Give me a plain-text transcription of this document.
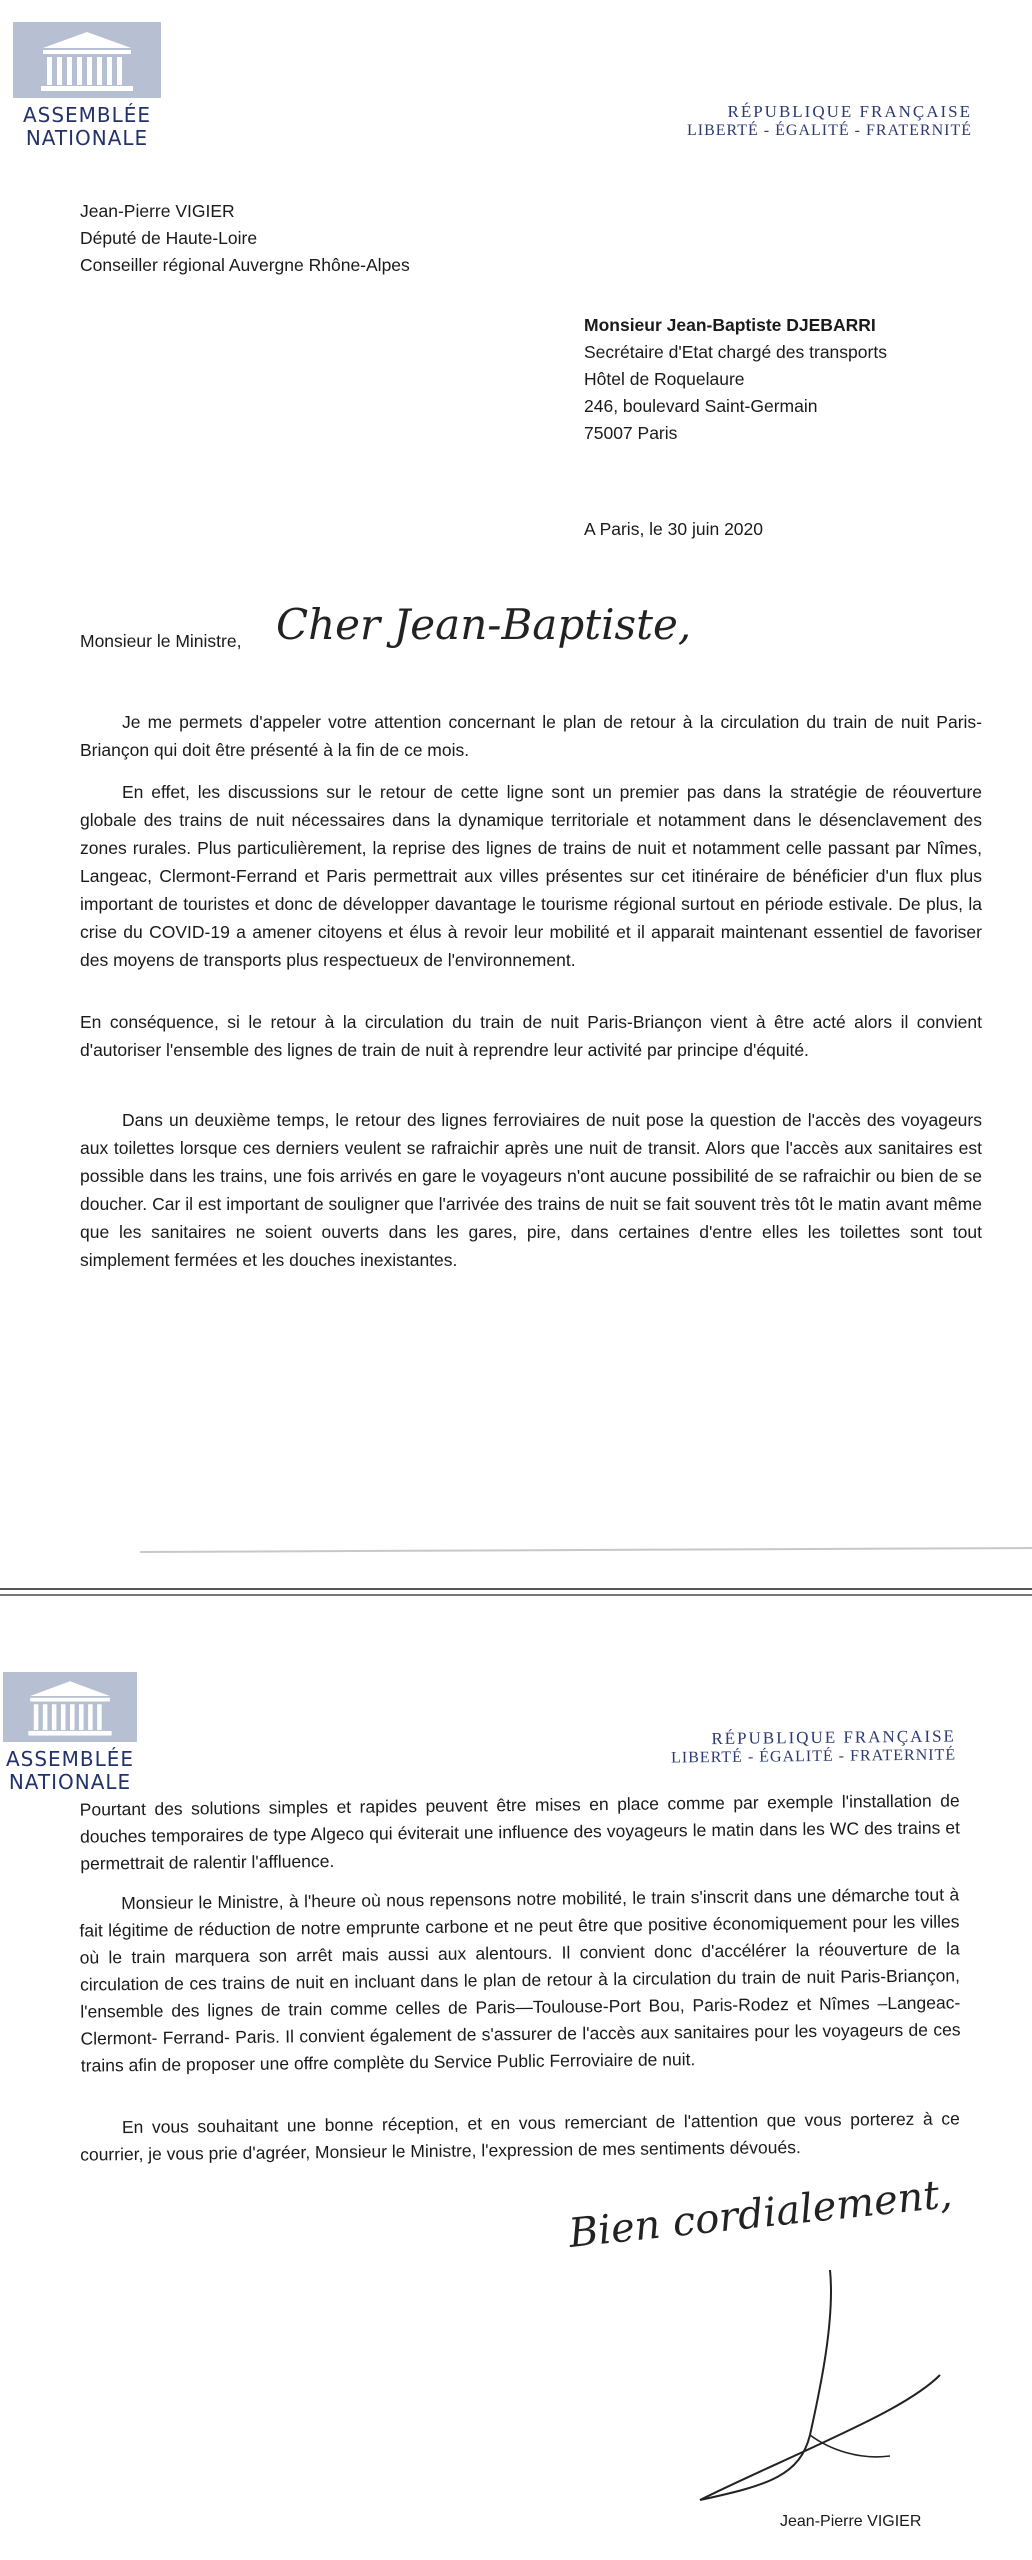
ASSEMBLÉE
NATIONALE
RÉPUBLIQUE FRANÇAISE
LIBERTÉ - ÉGALITÉ - FRATERNITÉ
Jean-Pierre VIGIER
Député de Haute-Loire
Conseiller régional Auvergne Rhône-Alpes
Monsieur Jean-Baptiste DJEBARRI
Secrétaire d'Etat chargé des transports
Hôtel de Roquelaure
246, boulevard Saint-Germain
75007 Paris
A Paris, le 30 juin 2020
Monsieur le Ministre, Cher Jean-Baptiste,
Je me permets d'appeler votre attention concernant le plan de retour à la circulation du train de nuit Paris-Briançon qui doit être présenté à la fin de ce mois.
En effet, les discussions sur le retour de cette ligne sont un premier pas dans la stratégie de réouverture globale des trains de nuit nécessaires dans la dynamique territoriale et notamment dans le désenclavement des zones rurales. Plus particulièrement, la reprise des lignes de trains de nuit et notamment celle passant par Nîmes, Langeac, Clermont-Ferrand et Paris permettrait aux villes présentes sur cet itinéraire de bénéficier d'un flux plus important de touristes et donc de développer davantage le tourisme régional surtout en période estivale. De plus, la crise du COVID-19 a amener citoyens et élus à revoir leur mobilité et il apparait maintenant essentiel de favoriser des moyens de transports plus respectueux de l'environnement.
En conséquence, si le retour à la circulation du train de nuit Paris-Briançon vient à être acté alors il convient d'autoriser l'ensemble des lignes de train de nuit à reprendre leur activité par principe d'équité.
Dans un deuxième temps, le retour des lignes ferroviaires de nuit pose la question de l'accès des voyageurs aux toilettes lorsque ces derniers veulent se rafraichir après une nuit de transit. Alors que l'accès aux sanitaires est possible dans les trains, une fois arrivés en gare le voyageurs n'ont aucune possibilité de se rafraichir ou bien de se doucher. Car il est important de souligner que l'arrivée des trains de nuit se fait souvent très tôt le matin avant même que les sanitaires ne soient ouverts dans les gares, pire, dans certaines d'entre elles les toilettes sont tout simplement fermées et les douches inexistantes.
ASSEMBLÉE
NATIONALE
RÉPUBLIQUE FRANÇAISE
LIBERTÉ - ÉGALITÉ - FRATERNITÉ
Pourtant des solutions simples et rapides peuvent être mises en place comme par exemple l'installation de douches temporaires de type Algeco qui éviterait une influence des voyageurs le matin dans les WC des trains et permettrait de ralentir l'affluence.
Monsieur le Ministre, à l'heure où nous repensons notre mobilité, le train s'inscrit dans une démarche tout à fait légitime de réduction de notre emprunte carbone et ne peut être que positive économiquement pour les villes où le train marquera son arrêt mais aussi aux alentours. Il convient donc d'accélérer la réouverture de la circulation de ces trains de nuit en incluant dans le plan de retour à la circulation du train de nuit Paris-Briançon, l'ensemble des lignes de train comme celles de Paris—Toulouse-Port Bou, Paris-Rodez et Nîmes –Langeac-Clermont- Ferrand- Paris. Il convient également de s'assurer de l'accès aux sanitaires pour les voyageurs de ces trains afin de proposer une offre complète du Service Public Ferroviaire de nuit.
En vous souhaitant une bonne réception, et en vous remerciant de l'attention que vous porterez à ce courrier, je vous prie d'agréer, Monsieur le Ministre, l'expression de mes sentiments dévoués.
Bien cordialement,
Jean-Pierre VIGIER
